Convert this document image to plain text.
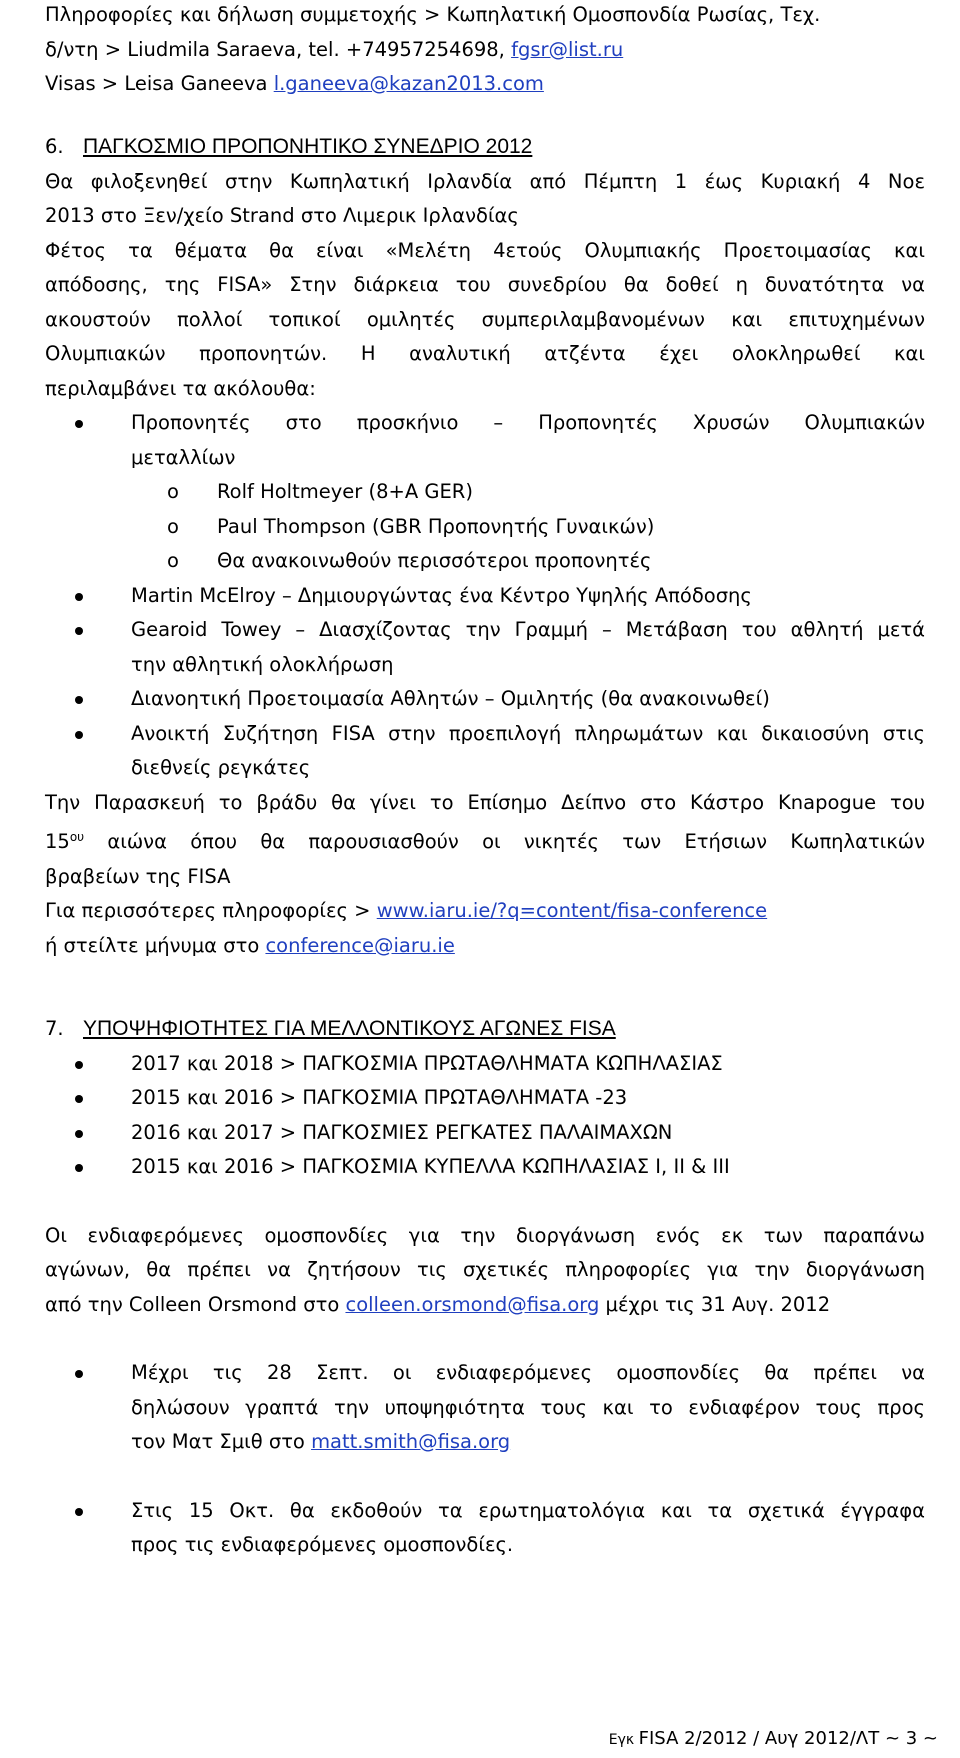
Πληροφορίες και δήλωση συμμετοχής > Κωπηλατική Ομοσπονδία Ρωσίας, Τεχ.
δ/ντη > Liudmila Saraeva, tel. +74957254698, fgsr@list.ru
Visas > Leisa Ganeeva l.ganeeva@kazan2013.com
6. ΠΑΓΚΟΣΜΙΟ ΠΡΟΠΟΝΗΤΙΚΟ ΣΥΝΕΔΡΙΟ 2012
Θα φιλοξενηθεί στην Κωπηλατική Ιρλανδία από Πέμπτη 1 έως Κυριακή 4 Νοε
2013 στο Ξεν/χείο Strand στο Λιμερικ Ιρλανδίας
Φέτος τα θέματα θα είναι «Μελέτη 4ετούς Ολυμπιακής Προετοιμασίας και
απόδοσης, της FISA» Στην διάρκεια του συνεδρίου θα δοθεί η δυνατότητα να
ακουστούν πολλοί τοπικοί ομιλητές συμπεριλαμβανομένων και επιτυχημένων
Ολυμπιακών προπονητών. Η αναλυτική ατζέντα έχει ολοκληρωθεί και
περιλαμβάνει τα ακόλουθα:
Προπονητές στο προσκήνιο – Προπονητές Χρυσών Ολυμπιακών
μεταλλίων
o Rolf Holtmeyer (8+A GER)
o Paul Thompson (GBR Προπονητής Γυναικών)
o Θα ανακοινωθούν περισσότεροι προπονητές
Martin McElroy – Δημιουργώντας ένα Κέντρο Υψηλής Απόδοσης
Gearoid Towey – Διασχίζοντας την Γραμμή – Μετάβαση του αθλητή μετά
την αθλητική ολοκλήρωση
Διανοητική Προετοιμασία Αθλητών – Ομιλητής (θα ανακοινωθεί)
Ανοικτή Συζήτηση FISA στην προεπιλογή πληρωμάτων και δικαιοσύνη στις
διεθνείς ρεγκάτες
Την Παρασκευή το βράδυ θα γίνει το Επίσημο Δείπνο στο Κάστρο Knapogue του
$15^{o\upsilon}$ αιώνα όπου θα παρουσιασθούν οι νικητές των Ετήσιων Κωπηλατικών
βραβείων της FISA
Για περισσότερες πληροφορίες > www.iaru.ie/?q=content/fisa-conference
ή στείλτε μήνυμα στο conference@iaru.ie
7. ΥΠΟΨΗΦΙΟΤΗΤΕΣ ΓΙΑ ΜΕΛΛΟΝΤΙΚΟΥΣ ΑΓΩΝΕΣ FISA
2017 και 2018 > ΠΑΓΚΟΣΜΙΑ ΠΡΩΤΑΘΛΗΜΑΤΑ ΚΩΠΗΛΑΣΙΑΣ
2015 και 2016 > ΠΑΓΚΟΣΜΙΑ ΠΡΩΤΑΘΛΗΜΑΤΑ -23
2016 και 2017 > ΠΑΓΚΟΣΜΙΕΣ ΡΕΓΚΑΤΕΣ ΠΑΛΑΙΜΑΧΩΝ
2015 και 2016 > ΠΑΓΚΟΣΜΙΑ ΚΥΠΕΛΛΑ ΚΩΠΗΛΑΣΙΑΣ I, II & III
Οι ενδιαφερόμενες ομοσπονδίες για την διοργάνωση ενός εκ των παραπάνω
αγώνων, θα πρέπει να ζητήσουν τις σχετικές πληροφορίες για την διοργάνωση
από την Colleen Orsmond στο colleen.orsmond@fisa.org μέχρι τις 31 Αυγ. 2012
Μέχρι τις 28 Σεπτ. οι ενδιαφερόμενες ομοσπονδίες θα πρέπει να
δηλώσουν γραπτά την υποψηφιότητα τους και το ενδιαφέρον τους προς
τον Ματ Σμιθ στο matt.smith@fisa.org
Στις 15 Οκτ. θα εκδοθούν τα ερωτηματολόγια και τα σχετικά έγγραφα
προς τις ενδιαφερόμενες ομοσπονδίες.
Εγκ FISA 2/2012 / Αυγ 2012/ΛΤ ~ 3 ~
